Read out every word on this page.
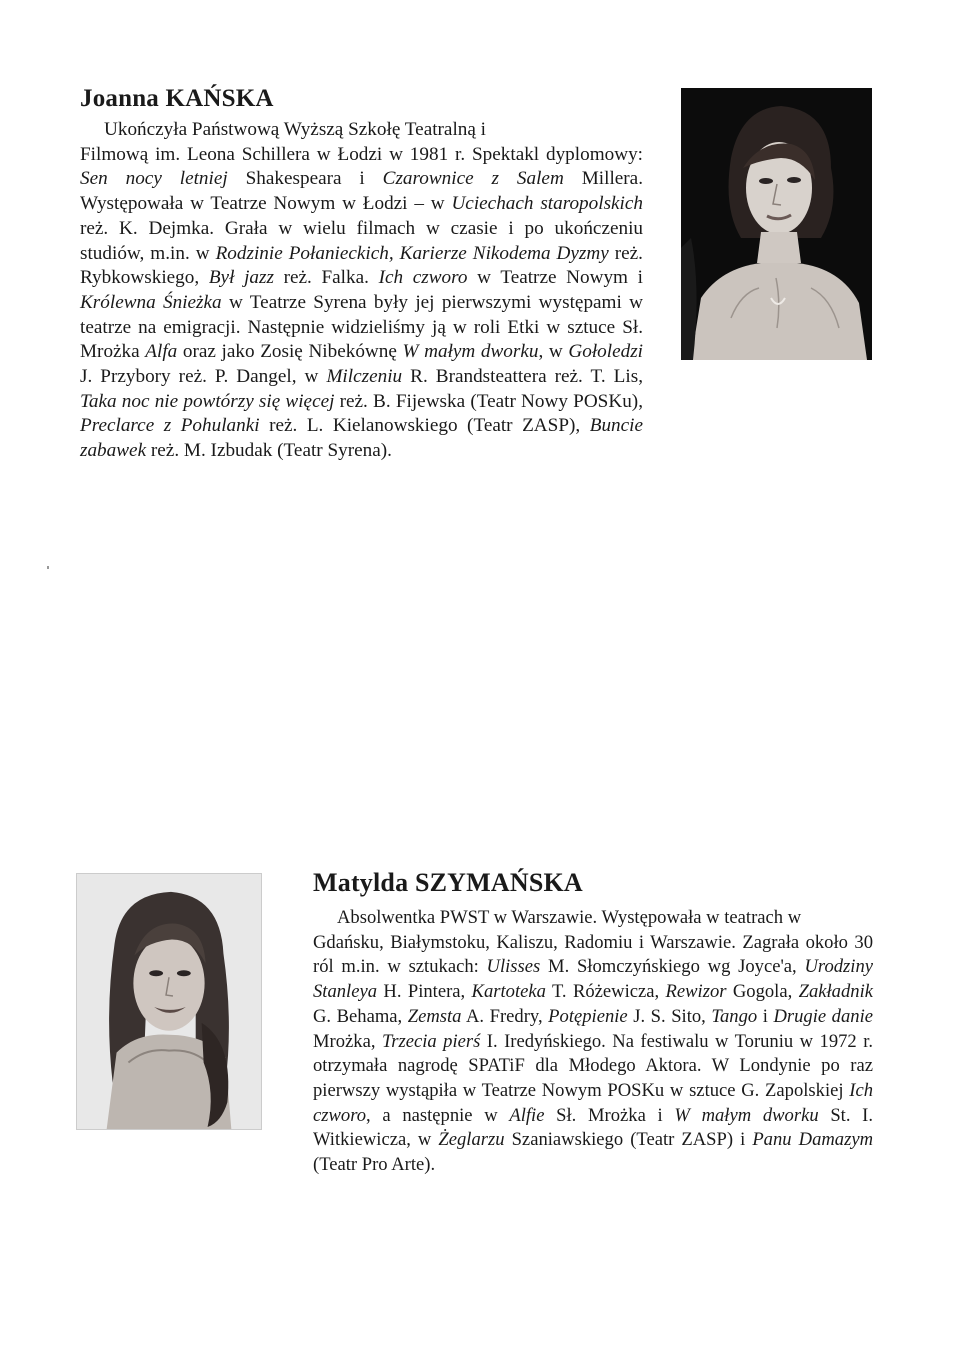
Joanna KAŃSKA
Ukończyła Państwową Wyższą Szkołę Teatralną i
Filmową im. Leona Schillera w Łodzi w 1981 r. Spektakl dyplomowy: Sen nocy letniej Shakespeara i Czarownice z Salem Millera. Występowała w Teatrze Nowym w Łodzi – w Uciechach staropolskich reż. K. Dejmka. Grała w wielu filmach w czasie i po ukończeniu studiów, m.in. w Rodzinie Połanieckich, Karierze Nikodema Dyzmy reż. Rybkowskiego, Był jazz reż. Falka. Ich czworo w Teatrze Nowym i Królewna Śnieżka w Teatrze Syrena były jej pierwszymi występami w teatrze na emigracji. Następnie widzieliśmy ją w roli Etki w sztuce Sł. Mrożka Alfa oraz jako Zosię Nibekównę W małym dworku, w Gołoledzi J. Przybory reż. P. Dangel, w Milczeniu R. Brandsteattera reż. T. Lis, Taka noc nie powtórzy się więcej reż. B. Fijewska (Teatr Nowy POSKu), Preclarce z Pohulanki reż. L. Kielanowskiego (Teatr ZASP), Buncie zabawek reż. M. Izbudak (Teatr Syrena).
Matylda SZYMAŃSKA
Absolwentka PWST w Warszawie. Występowała w teatrach w
Gdańsku, Białymstoku, Kaliszu, Radomiu i Warszawie. Zagrała około 30 ról m.in. w sztukach: Ulisses M. Słomczyńskiego wg Joyce'a, Urodziny Stanleya H. Pintera, Kartoteka T. Różewicza, Rewizor Gogola, Zakładnik G. Behama, Zemsta A. Fredry, Potępienie J. S. Sito, Tango i Drugie danie Mrożka, Trzecia pierś I. Iredyńskiego. Na festiwalu w Toruniu w 1972 r. otrzymała nagrodę SPATiF dla Młodego Aktora. W Londynie po raz pierwszy wystąpiła w Teatrze Nowym POSKu w sztuce G. Zapolskiej Ich czworo, a następnie w Alfie Sł. Mrożka i W małym dworku St. I. Witkiewicza, w Żeglarzu Szaniawskiego (Teatr ZASP) i Panu Damazym (Teatr Pro Arte).
